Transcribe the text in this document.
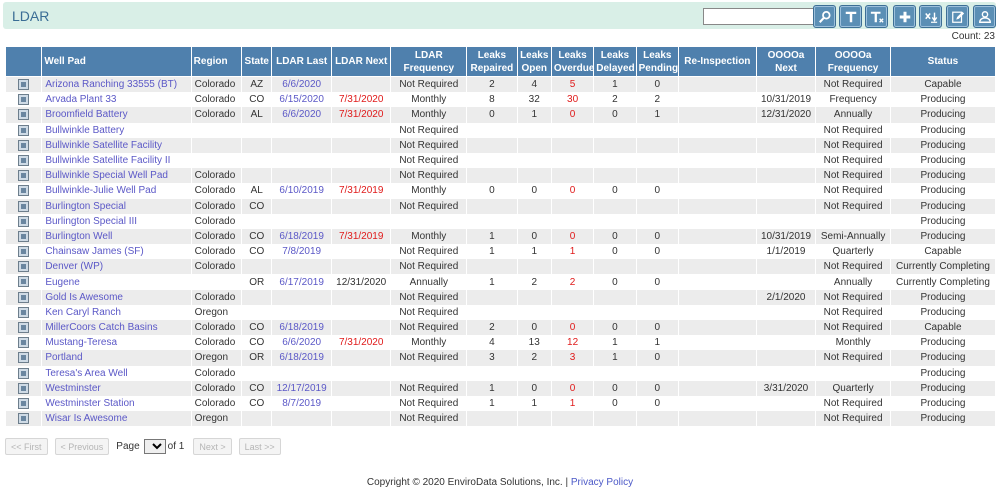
LDAR
Count: 23
	Well Pad	Region	State	LDAR Last	LDAR Next	LDAR Frequency	Leaks Repaired	Leaks Open	Leaks Overdue	Leaks Delayed	Leaks Pending	Re-Inspection	OOOOa Next	OOOOa Frequency	Status
	Arizona Ranching 33555 (BT)	Colorado	AZ	6/6/2020		Not Required	2	4	5	1	0			Not Required	Capable
	Arvada Plant 33	Colorado	CO	6/15/2020	7/31/2020	Monthly	8	32	30	2	2		10/31/2019	Frequency	Producing
	Broomfield Battery	Colorado	AL	6/6/2020	7/31/2020	Monthly	0	1	0	0	1		12/31/2020	Annually	Producing
	Bullwinkle Battery					Not Required								Not Required	Producing
	Bullwinkle Satellite Facility					Not Required								Not Required	Producing
	Bullwinkle Satellite Facility II					Not Required								Not Required	Producing
	Bullwinkle Special Well Pad	Colorado				Not Required								Not Required	Producing
	Bullwinkle-Julie Well Pad	Colorado	AL	6/10/2019	7/31/2019	Monthly	0	0	0	0	0			Not Required	Producing
	Burlington Special	Colorado	CO			Not Required								Not Required	Producing
	Burlington Special III	Colorado													Producing
	Burlington Well	Colorado	CO	6/18/2019	7/31/2019	Monthly	1	0	0	0	0		10/31/2019	Semi-Annually	Producing
	Chainsaw James (SF)	Colorado	CO	7/8/2019		Not Required	1	1	1	0	0		1/1/2019	Quarterly	Capable
	Denver (WP)	Colorado				Not Required								Not Required	Currently Completing
	Eugene		OR	6/17/2019	12/31/2020	Annually	1	2	2	0	0			Annually	Currently Completing
	Gold Is Awesome	Colorado				Not Required							2/1/2020	Not Required	Producing
	Ken Caryl Ranch	Oregon				Not Required								Not Required	Producing
	MillerCoors Catch Basins	Colorado	CO	6/18/2019		Not Required	2	0	0	0	0			Not Required	Capable
	Mustang-Teresa	Colorado	CO	6/6/2020	7/31/2020	Monthly	4	13	12	1	1			Monthly	Producing
	Portland	Oregon	OR	6/18/2019		Not Required	3	2	3	1	0			Not Required	Producing
	Teresa's Area Well	Colorado													Producing
	Westminster	Colorado	CO	12/17/2019		Not Required	1	0	0	0	0		3/31/2020	Quarterly	Producing
	Westminster Station	Colorado	CO	8/7/2019		Not Required	1	1	1	0	0			Not Required	Producing
	Wisar Is Awesome	Oregon				Not Required								Not Required	Producing
<< First	< Previous	Page
1	of 1	Next >	Last >>
Copyright © 2020 EnviroData Solutions, Inc. | Privacy Policy
